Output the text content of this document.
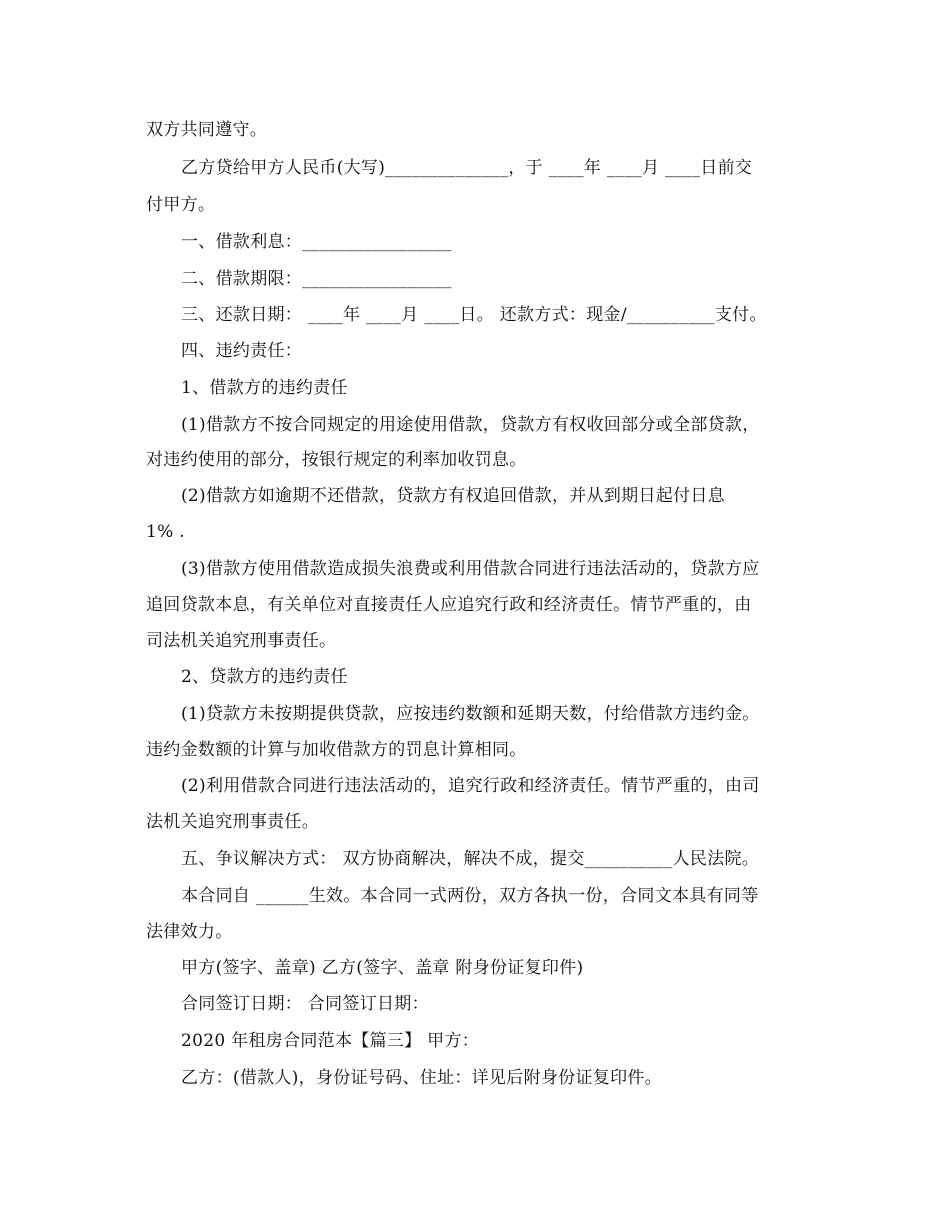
双方共同遵守。
乙方贷给甲方人民币(大写)______________，于 ____年 ____月 ____日前交
付甲方。
一、借款利息：_________________
二、借款期限：_________________
三、还款日期： ____年 ____月 ____日。 还款方式：现金/__________支付。
四、违约责任：
1、借款方的违约责任
(1)借款方不按合同规定的用途使用借款，贷款方有权收回部分或全部贷款，
对违约使用的部分，按银行规定的利率加收罚息。
(2)借款方如逾期不还借款，贷款方有权追回借款，并从到期日起付日息
1% .
(3)借款方使用借款造成损失浪费或利用借款合同进行违法活动的，贷款方应
追回贷款本息，有关单位对直接责任人应追究行政和经济责任。情节严重的，由
司法机关追究刑事责任。
2、贷款方的违约责任
(1)贷款方未按期提供贷款，应按违约数额和延期天数，付给借款方违约金。
违约金数额的计算与加收借款方的罚息计算相同。
(2)利用借款合同进行违法活动的，追究行政和经济责任。情节严重的，由司
法机关追究刑事责任。
五、争议解决方式： 双方协商解决，解决不成，提交__________人民法院。
本合同自 ______生效。本合同一式两份，双方各执一份，合同文本具有同等
法律效力。
甲方(签字、盖章) 乙方(签字、盖章 附身份证复印件)
合同签订日期： 合同签订日期：
2020 年租房合同范本【篇三】 甲方：
乙方：(借款人)，身份证号码、住址：详见后附身份证复印件。
